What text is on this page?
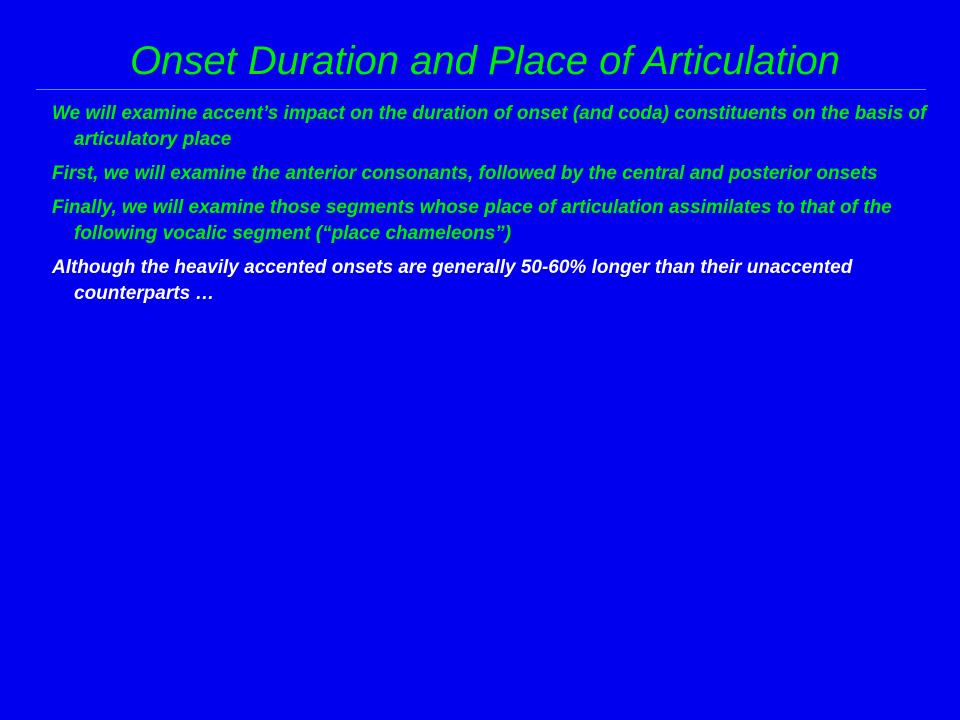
Onset Duration and Place of Articulation
We will examine accent’s impact on the duration of onset (and coda) constituents on the basis of articulatory place
First, we will examine the anterior consonants, followed by the central and posterior onsets
Finally, we will examine those segments whose place of articulation assimilates to that of the following vocalic segment (“place chameleons”)
Although the heavily accented onsets are generally 50-60% longer than their unaccented counterparts …
